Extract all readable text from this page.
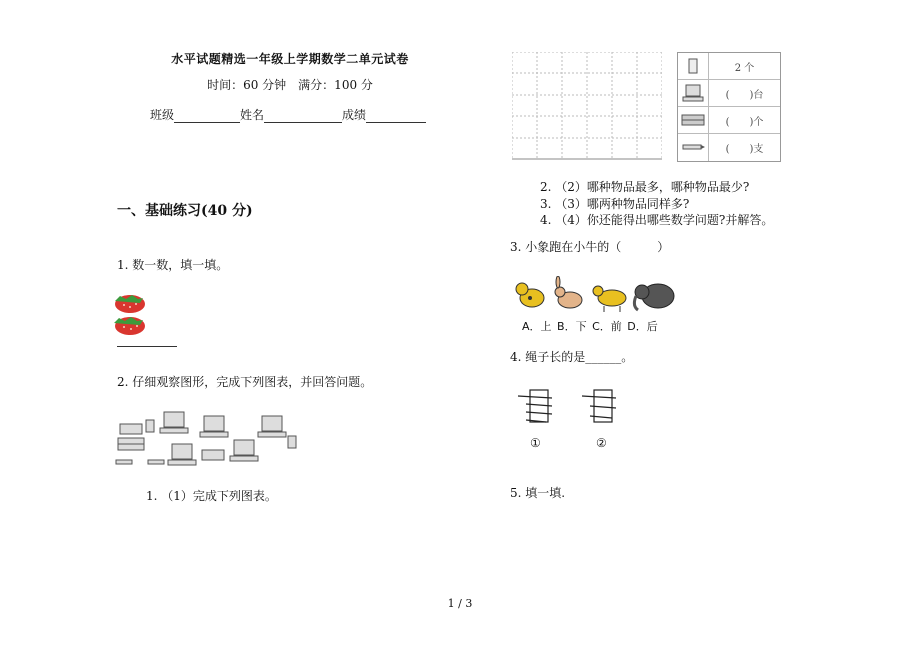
水平试题精选一年级上学期数学二单元试卷
时间：60 分钟　满分：100 分
班级	姓名	成绩
一、基础练习(40 分)
1. 数一数，填一填。
2. 仔细观察图形，完成下列图表，并回答问题。
1. （1）完成下列图表。
2 个
(　　)台
(　　)个
(　　)支
2. （2）哪种物品最多，哪种物品最少?
3. （3）哪两种物品同样多?
4. （4）你还能得出哪些数学问题?并解答。
3. 小象跑在小牛的（　　　）
A．上 B．下 C．前 D．后
4. 绳子长的是______。
①	②
5. 填一填.
1 / 3
